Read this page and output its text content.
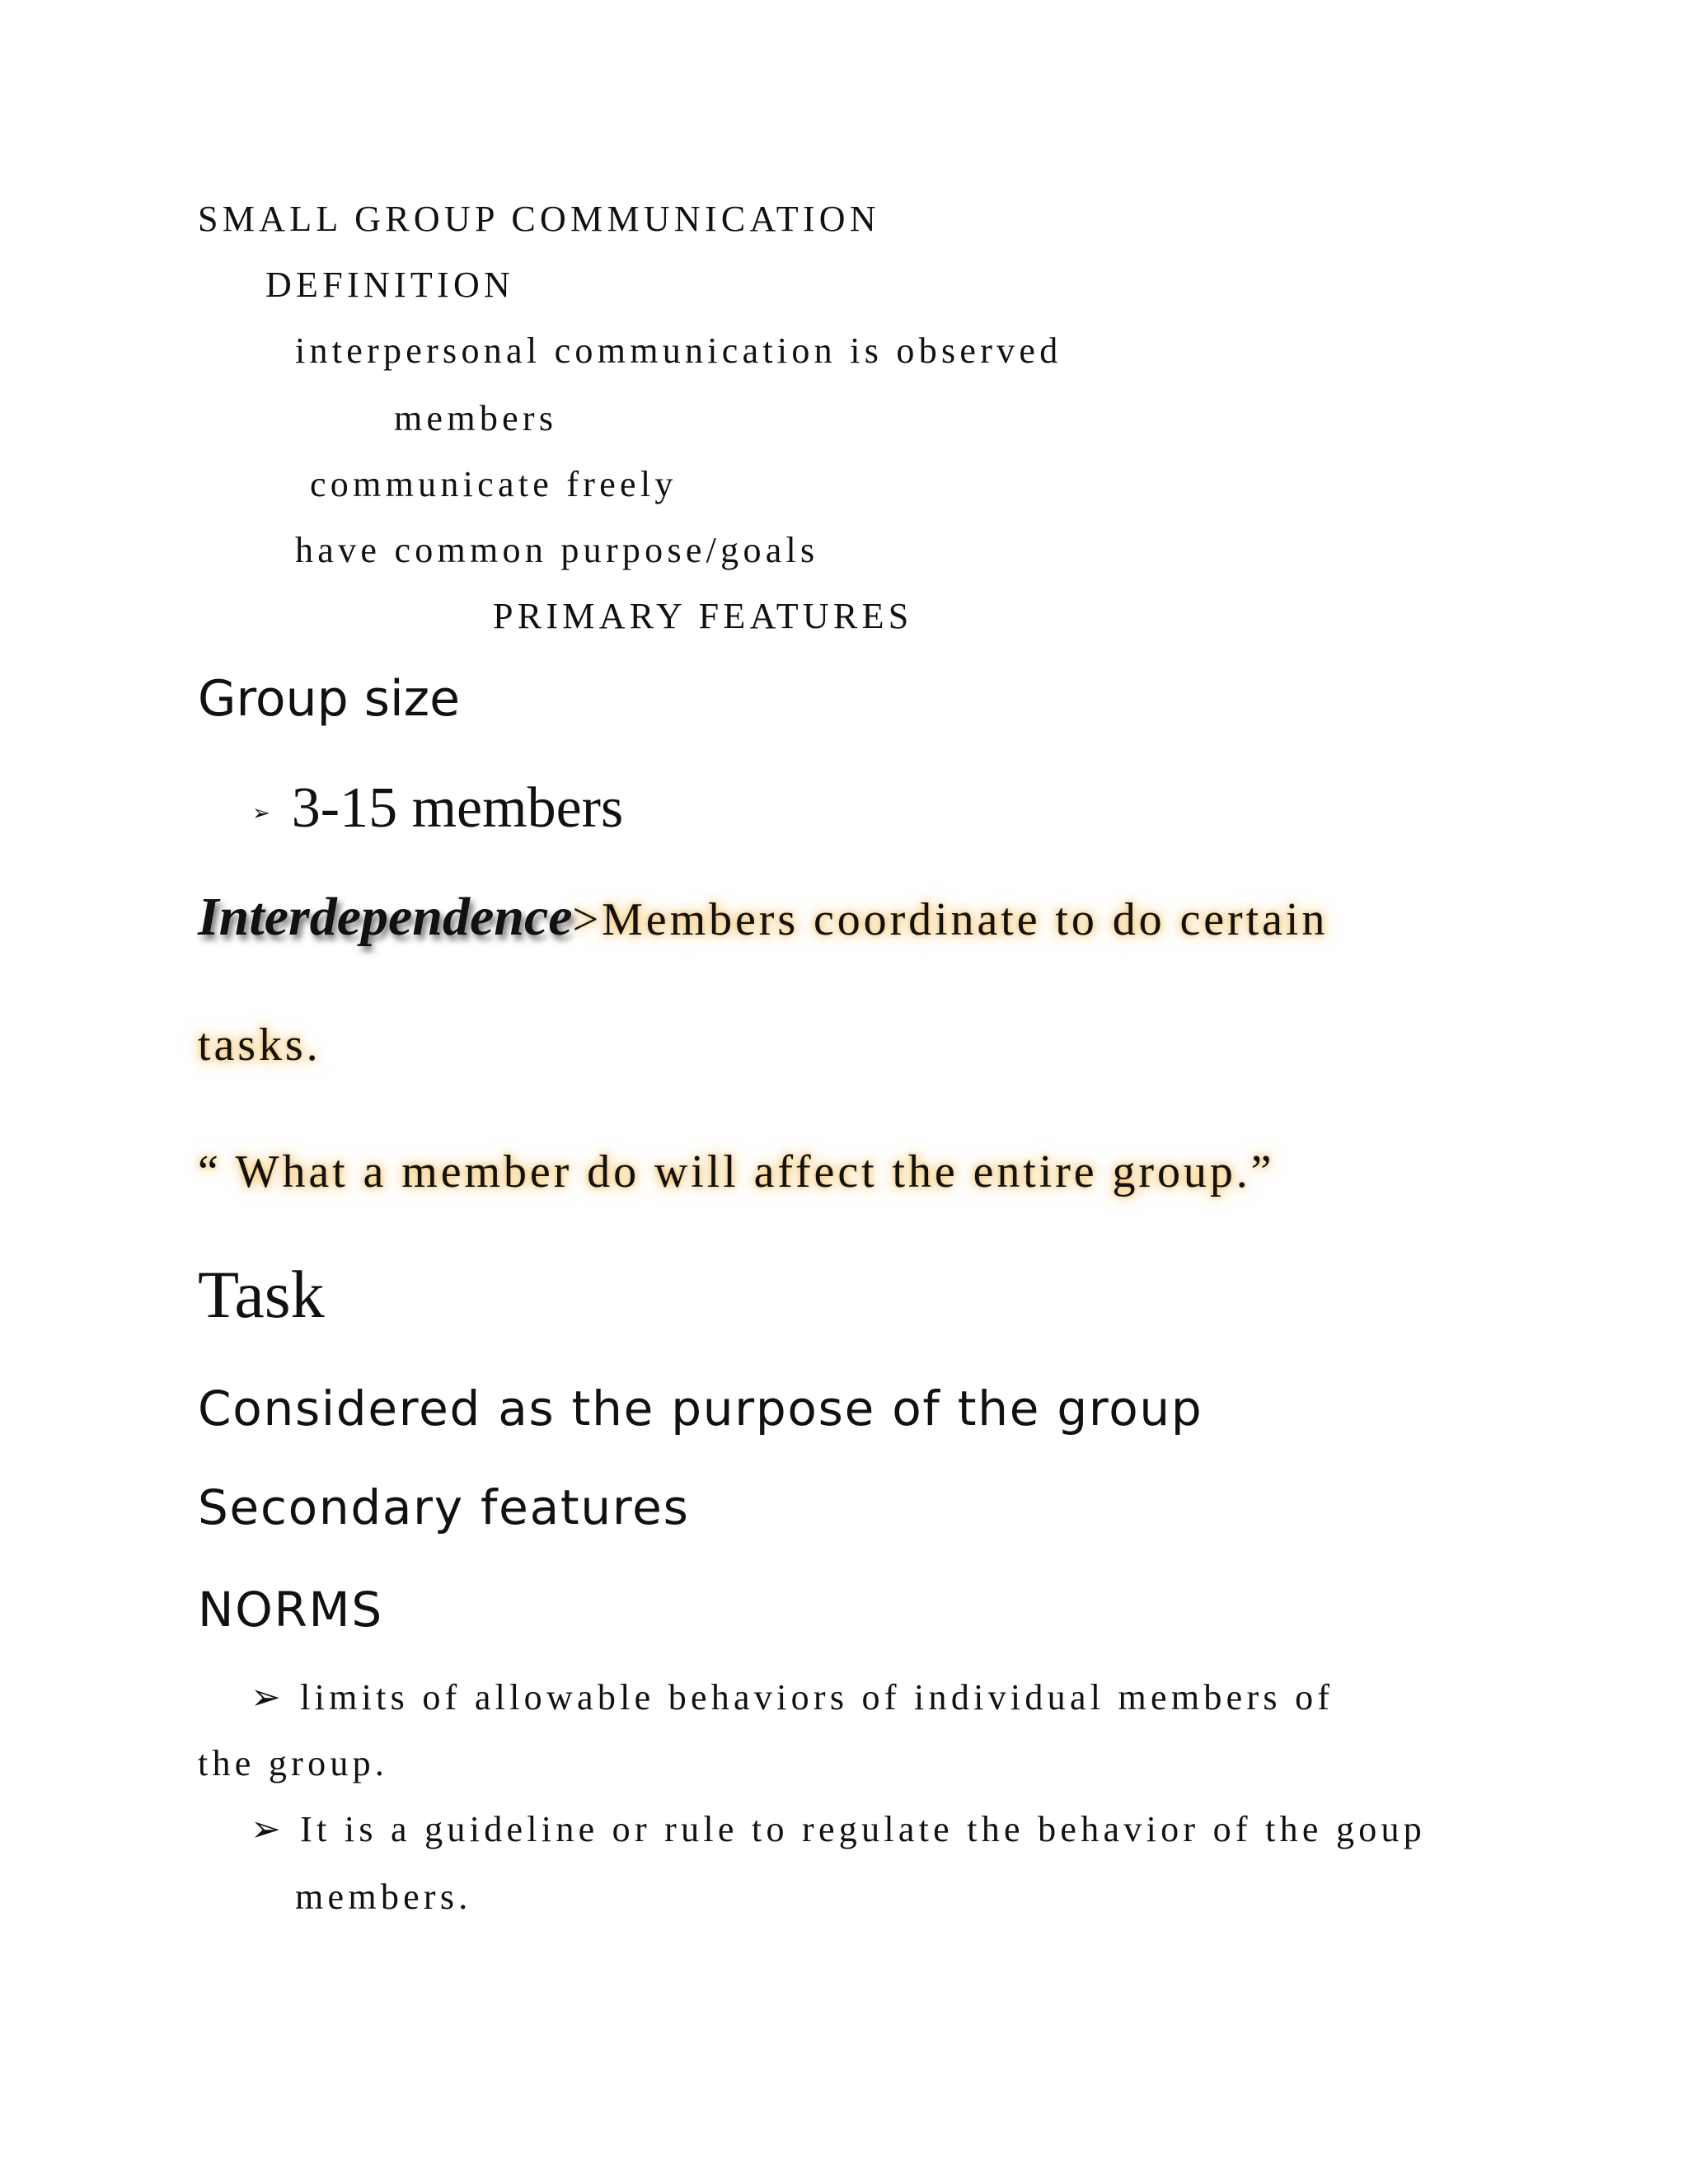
SMALL GROUP COMMUNICATION
DEFINITION
interpersonal communication is observed
members
communicate freely
have common purpose/goals
PRIMARY FEATURES
Group size
➢ 3-15 members
Interdependence>Members coordinate to do certain
tasks.
“ What a member do will affect the entire group.”
Task
Considered as the purpose of the group
Secondary features
NORMS
➢ limits of allowable behaviors of individual members of
the group.
➢ It is a guideline or rule to regulate the behavior of the goup
members.
